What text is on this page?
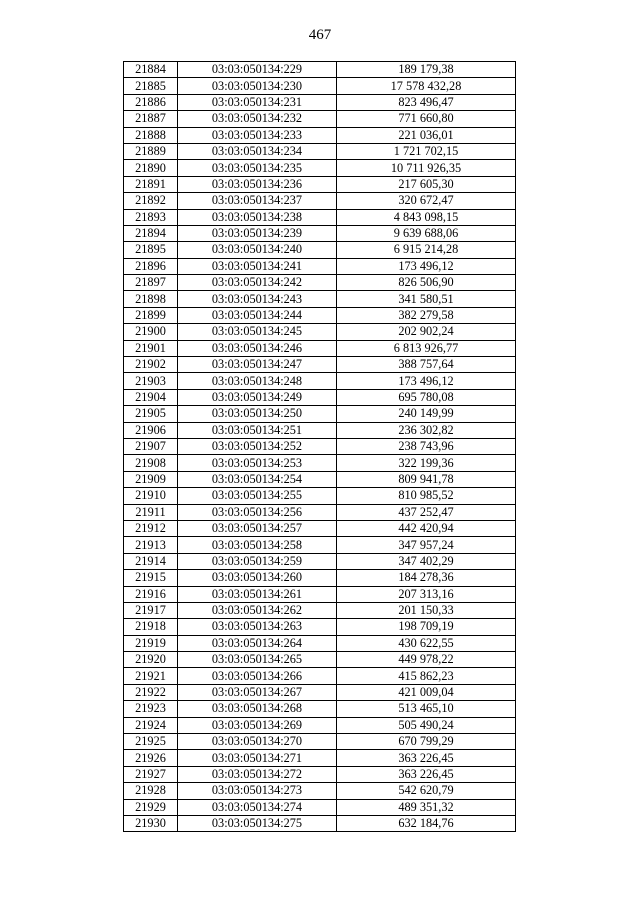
467
21884	03:03:050134:229	189 179,38
21885	03:03:050134:230	17 578 432,28
21886	03:03:050134:231	823 496,47
21887	03:03:050134:232	771 660,80
21888	03:03:050134:233	221 036,01
21889	03:03:050134:234	1 721 702,15
21890	03:03:050134:235	10 711 926,35
21891	03:03:050134:236	217 605,30
21892	03:03:050134:237	320 672,47
21893	03:03:050134:238	4 843 098,15
21894	03:03:050134:239	9 639 688,06
21895	03:03:050134:240	6 915 214,28
21896	03:03:050134:241	173 496,12
21897	03:03:050134:242	826 506,90
21898	03:03:050134:243	341 580,51
21899	03:03:050134:244	382 279,58
21900	03:03:050134:245	202 902,24
21901	03:03:050134:246	6 813 926,77
21902	03:03:050134:247	388 757,64
21903	03:03:050134:248	173 496,12
21904	03:03:050134:249	695 780,08
21905	03:03:050134:250	240 149,99
21906	03:03:050134:251	236 302,82
21907	03:03:050134:252	238 743,96
21908	03:03:050134:253	322 199,36
21909	03:03:050134:254	809 941,78
21910	03:03:050134:255	810 985,52
21911	03:03:050134:256	437 252,47
21912	03:03:050134:257	442 420,94
21913	03:03:050134:258	347 957,24
21914	03:03:050134:259	347 402,29
21915	03:03:050134:260	184 278,36
21916	03:03:050134:261	207 313,16
21917	03:03:050134:262	201 150,33
21918	03:03:050134:263	198 709,19
21919	03:03:050134:264	430 622,55
21920	03:03:050134:265	449 978,22
21921	03:03:050134:266	415 862,23
21922	03:03:050134:267	421 009,04
21923	03:03:050134:268	513 465,10
21924	03:03:050134:269	505 490,24
21925	03:03:050134:270	670 799,29
21926	03:03:050134:271	363 226,45
21927	03:03:050134:272	363 226,45
21928	03:03:050134:273	542 620,79
21929	03:03:050134:274	489 351,32
21930	03:03:050134:275	632 184,76
